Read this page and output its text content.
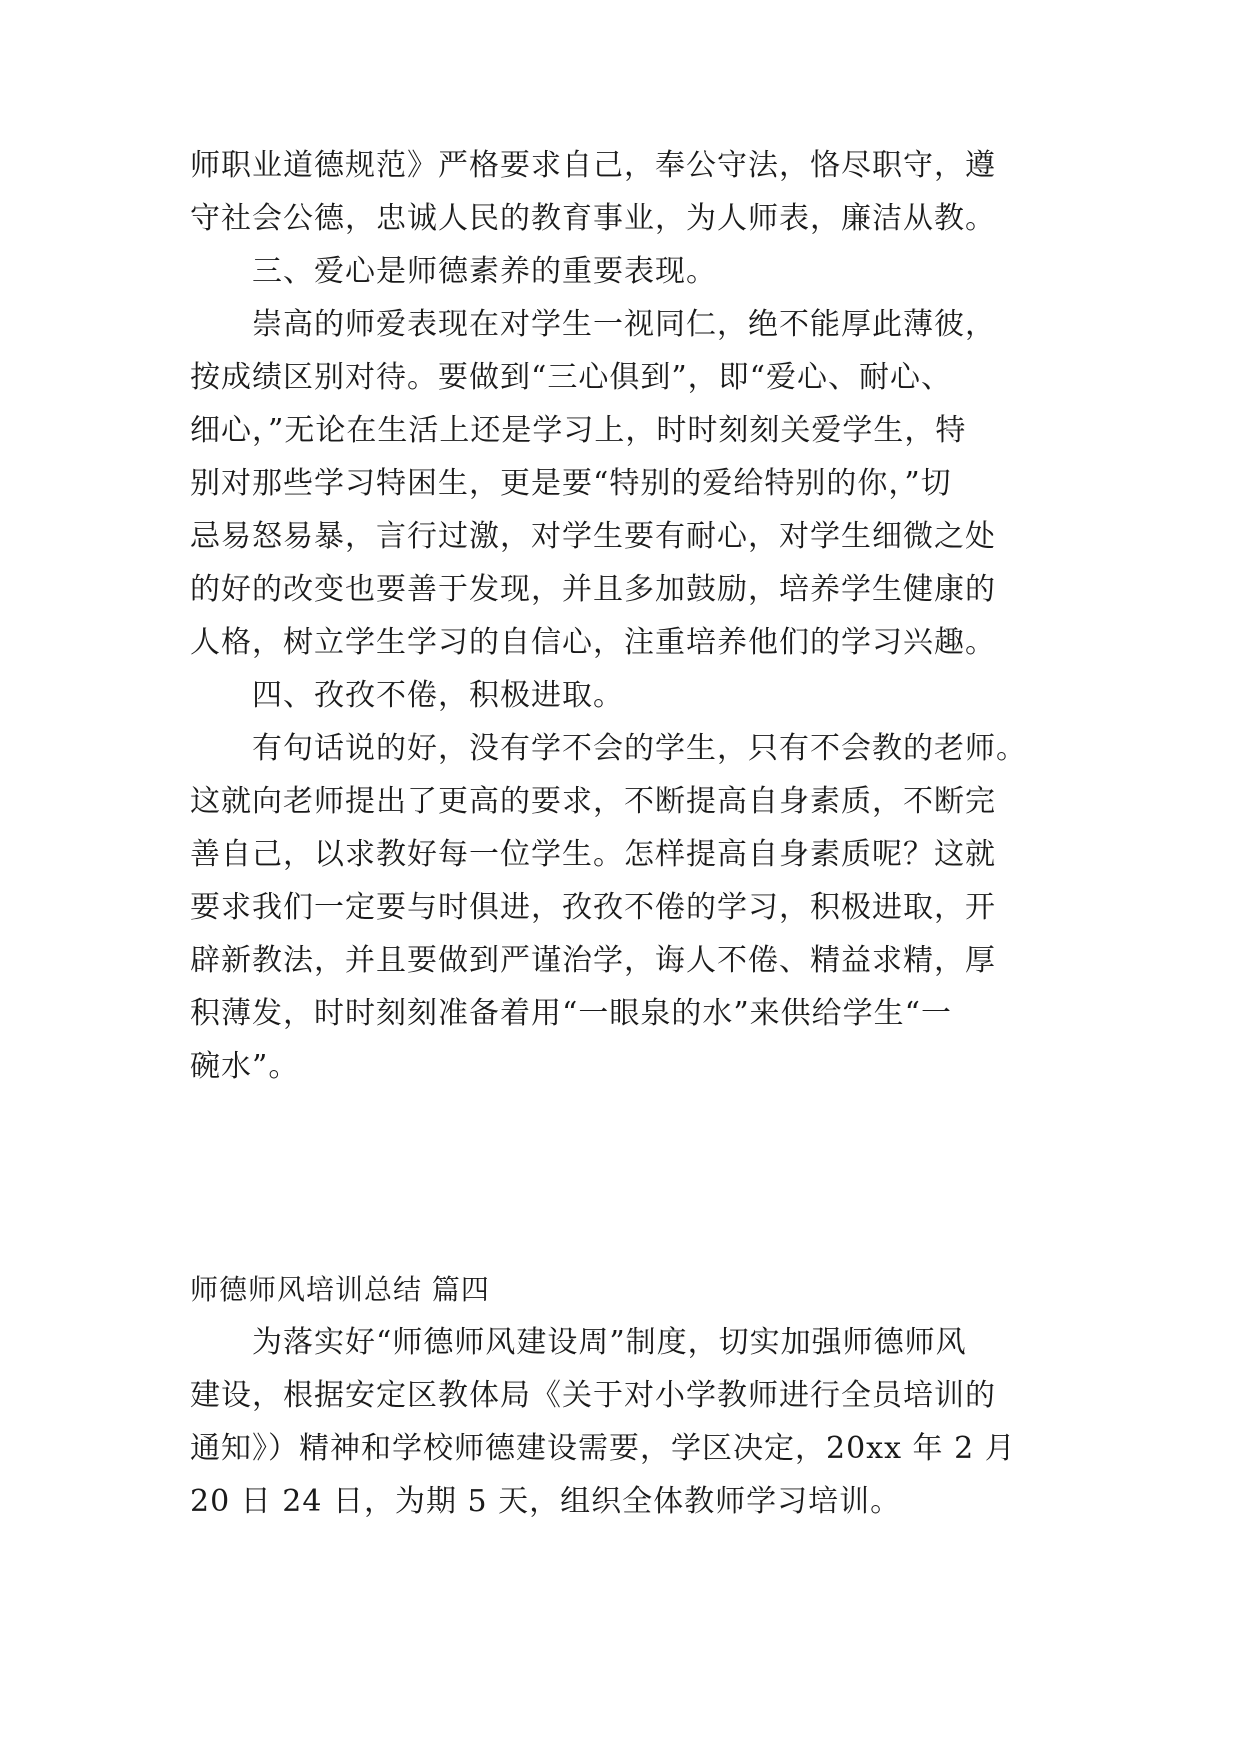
师职业道德规范》严格要求自己，奉公守法，恪尽职守，遵
守社会公德，忠诚人民的教育事业，为人师表，廉洁从教。
三、爱心是师德素养的重要表现。
崇高的师爱表现在对学生一视同仁，绝不能厚此薄彼，
按成绩区别对待。要做到“三心俱到”，即“爱心、耐心、
细心，”无论在生活上还是学习上，时时刻刻关爱学生，特
别对那些学习特困生，更是要“特别的爱给特别的你，”切
忌易怒易暴，言行过激，对学生要有耐心，对学生细微之处
的好的改变也要善于发现，并且多加鼓励，培养学生健康的
人格，树立学生学习的自信心，注重培养他们的学习兴趣。
四、孜孜不倦，积极进取。
有句话说的好，没有学不会的学生，只有不会教的老师。
这就向老师提出了更高的要求，不断提高自身素质，不断完
善自己，以求教好每一位学生。怎样提高自身素质呢？这就
要求我们一定要与时俱进，孜孜不倦的学习，积极进取，开
辟新教法，并且要做到严谨治学，诲人不倦、精益求精，厚
积薄发，时时刻刻准备着用“一眼泉的水”来供给学生“一
碗水”。
师德师风培训总结 篇四
为落实好“师德师风建设周”制度，切实加强师德师风
建设，根据安定区教体局《关于对小学教师进行全员培训的
通知》）精神和学校师德建设需要，学区决定，20xx 年 2 月
20 日 24 日，为期 5 天，组织全体教师学习培训。
